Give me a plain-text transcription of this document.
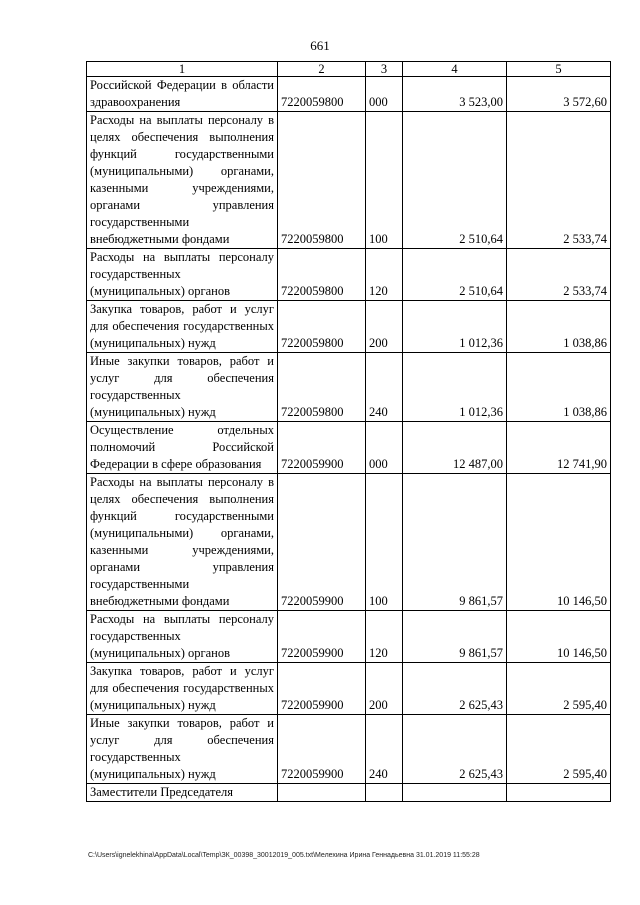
661
1	2	3	4	5
Российской Федерации в области здравоохранения	7220059800	000	3 523,00	3 572,60
Расходы на выплаты персоналу в целях обеспечения выполнения функций государственными (муниципальными) органами, казенными учреждениями, органами управления государственными внебюджетными фондами	7220059800	100	2 510,64	2 533,74
Расходы на выплаты персоналу государственных (муниципальных) органов	7220059800	120	2 510,64	2 533,74
Закупка товаров, работ и услуг для обеспечения государственных (муниципальных) нужд	7220059800	200	1 012,36	1 038,86
Иные закупки товаров, работ и услуг для обеспечения государственных (муниципальных) нужд	7220059800	240	1 012,36	1 038,86
Осуществление отдельных полномочий Российской Федерации в сфере образования	7220059900	000	12 487,00	12 741,90
Расходы на выплаты персоналу в целях обеспечения выполнения функций государственными (муниципальными) органами, казенными учреждениями, органами управления государственными внебюджетными фондами	7220059900	100	9 861,57	10 146,50
Расходы на выплаты персоналу государственных (муниципальных) органов	7220059900	120	9 861,57	10 146,50
Закупка товаров, работ и услуг для обеспечения государственных (муниципальных) нужд	7220059900	200	2 625,43	2 595,40
Иные закупки товаров, работ и услуг для обеспечения государственных (муниципальных) нужд	7220059900	240	2 625,43	2 595,40
Заместители Председателя				
C:\Users\ignelekhina\AppData\Local\Temp\ЗК_00398_30012019_005.txt\Мелехина Ирина Геннадьевна 31.01.2019 11:55:28
